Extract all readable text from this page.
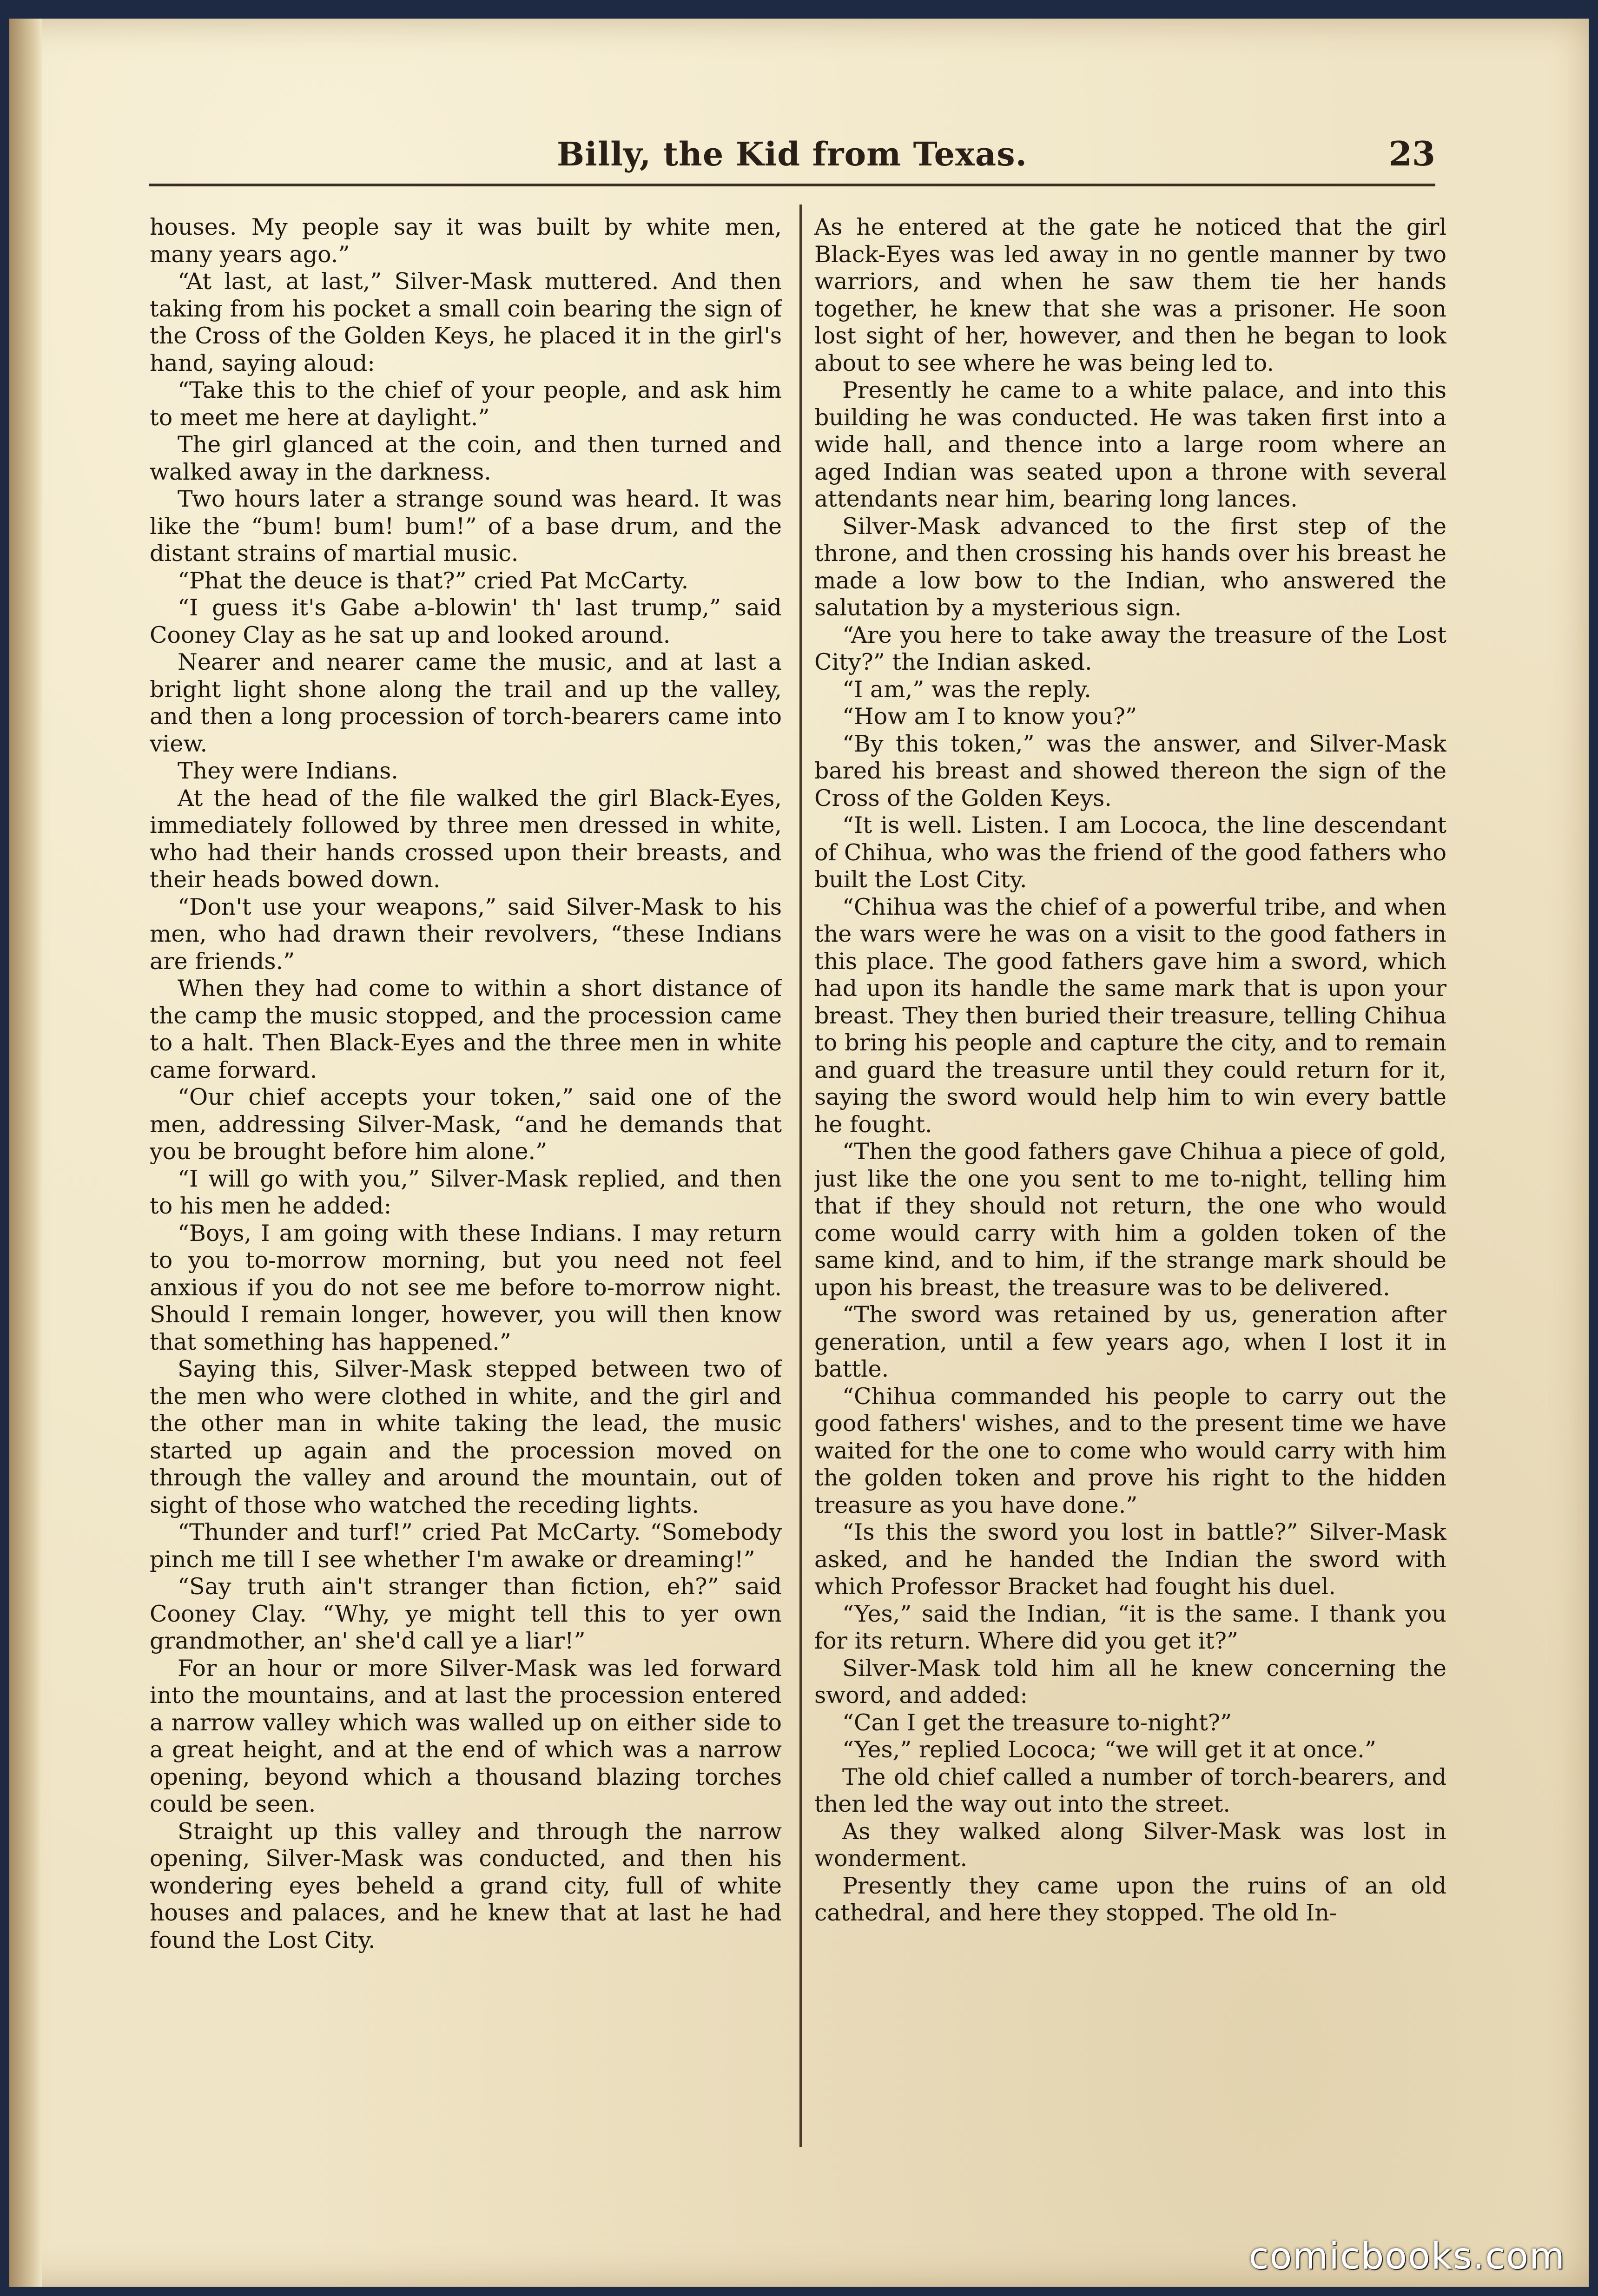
Billy, the Kid from Texas.	23

houses. My people say it was built by white men, many years ago.”

“At last, at last,” Silver-Mask muttered. And then taking from his pocket a small coin bearing the sign of the Cross of the Golden Keys, he placed it in the girl's hand, saying aloud:

“Take this to the chief of your people, and ask him to meet me here at daylight.”

The girl glanced at the coin, and then turned and walked away in the darkness.

Two hours later a strange sound was heard. It was like the “bum! bum! bum!” of a base drum, and the distant strains of martial music.

“Phat the deuce is that?” cried Pat McCarty.

“I guess it's Gabe a-blowin' th' last trump,” said Cooney Clay as he sat up and looked around.

Nearer and nearer came the music, and at last a bright light shone along the trail and up the valley, and then a long procession of torch-bearers came into view.

They were Indians.

At the head of the file walked the girl Black-Eyes, immediately followed by three men dressed in white, who had their hands crossed upon their breasts, and their heads bowed down.

“Don't use your weapons,” said Silver-Mask to his men, who had drawn their revolvers, “these Indians are friends.”

When they had come to within a short distance of the camp the music stopped, and the procession came to a halt. Then Black-Eyes and the three men in white came forward.

“Our chief accepts your token,” said one of the men, addressing Silver-Mask, “and he demands that you be brought before him alone.”

“I will go with you,” Silver-Mask replied, and then to his men he added:

“Boys, I am going with these Indians. I may return to you to-morrow morning, but you need not feel anxious if you do not see me before to-morrow night. Should I remain longer, however, you will then know that something has happened.”

Saying this, Silver-Mask stepped between two of the men who were clothed in white, and the girl and the other man in white taking the lead, the music started up again and the procession moved on through the valley and around the mountain, out of sight of those who watched the receding lights.

“Thunder and turf!” cried Pat McCarty. “Somebody pinch me till I see whether I'm awake or dreaming!”

“Say truth ain't stranger than fiction, eh?” said Cooney Clay. “Why, ye might tell this to yer own grandmother, an' she'd call ye a liar!”

For an hour or more Silver-Mask was led forward into the mountains, and at last the procession entered a narrow valley which was walled up on either side to a great height, and at the end of which was a narrow opening, beyond which a thousand blazing torches could be seen.

Straight up this valley and through the narrow opening, Silver-Mask was conducted, and then his wondering eyes beheld a grand city, full of white houses and palaces, and he knew that at last he had found the Lost City.

As he entered at the gate he noticed that the girl Black-Eyes was led away in no gentle manner by two warriors, and when he saw them tie her hands together, he knew that she was a prisoner. He soon lost sight of her, however, and then he began to look about to see where he was being led to.

Presently he came to a white palace, and into this building he was conducted. He was taken first into a wide hall, and thence into a large room where an aged Indian was seated upon a throne with several attendants near him, bearing long lances.

Silver-Mask advanced to the first step of the throne, and then crossing his hands over his breast he made a low bow to the Indian, who answered the salutation by a mysterious sign.

“Are you here to take away the treasure of the Lost City?” the Indian asked.

“I am,” was the reply.

“How am I to know you?”

“By this token,” was the answer, and Silver-Mask bared his breast and showed thereon the sign of the Cross of the Golden Keys.

“It is well. Listen. I am Lococa, the line descendant of Chihua, who was the friend of the good fathers who built the Lost City.

“Chihua was the chief of a powerful tribe, and when the wars were he was on a visit to the good fathers in this place. The good fathers gave him a sword, which had upon its handle the same mark that is upon your breast. They then buried their treasure, telling Chihua to bring his people and capture the city, and to remain and guard the treasure until they could return for it, saying the sword would help him to win every battle he fought.

“Then the good fathers gave Chihua a piece of gold, just like the one you sent to me to-night, telling him that if they should not return, the one who would come would carry with him a golden token of the same kind, and to him, if the strange mark should be upon his breast, the treasure was to be delivered.

“The sword was retained by us, generation after generation, until a few years ago, when I lost it in battle.

“Chihua commanded his people to carry out the good fathers' wishes, and to the present time we have waited for the one to come who would carry with him the golden token and prove his right to the hidden treasure as you have done.”

“Is this the sword you lost in battle?” Silver-Mask asked, and he handed the Indian the sword with which Professor Bracket had fought his duel.

“Yes,” said the Indian, “it is the same. I thank you for its return. Where did you get it?”

Silver-Mask told him all he knew concerning the sword, and added:

“Can I get the treasure to-night?”

“Yes,” replied Lococa; “we will get it at once.”

The old chief called a number of torch-bearers, and then led the way out into the street.

As they walked along Silver-Mask was lost in wonderment.

Presently they came upon the ruins of an old cathedral, and here they stopped. The old In-

comicbooks.com
